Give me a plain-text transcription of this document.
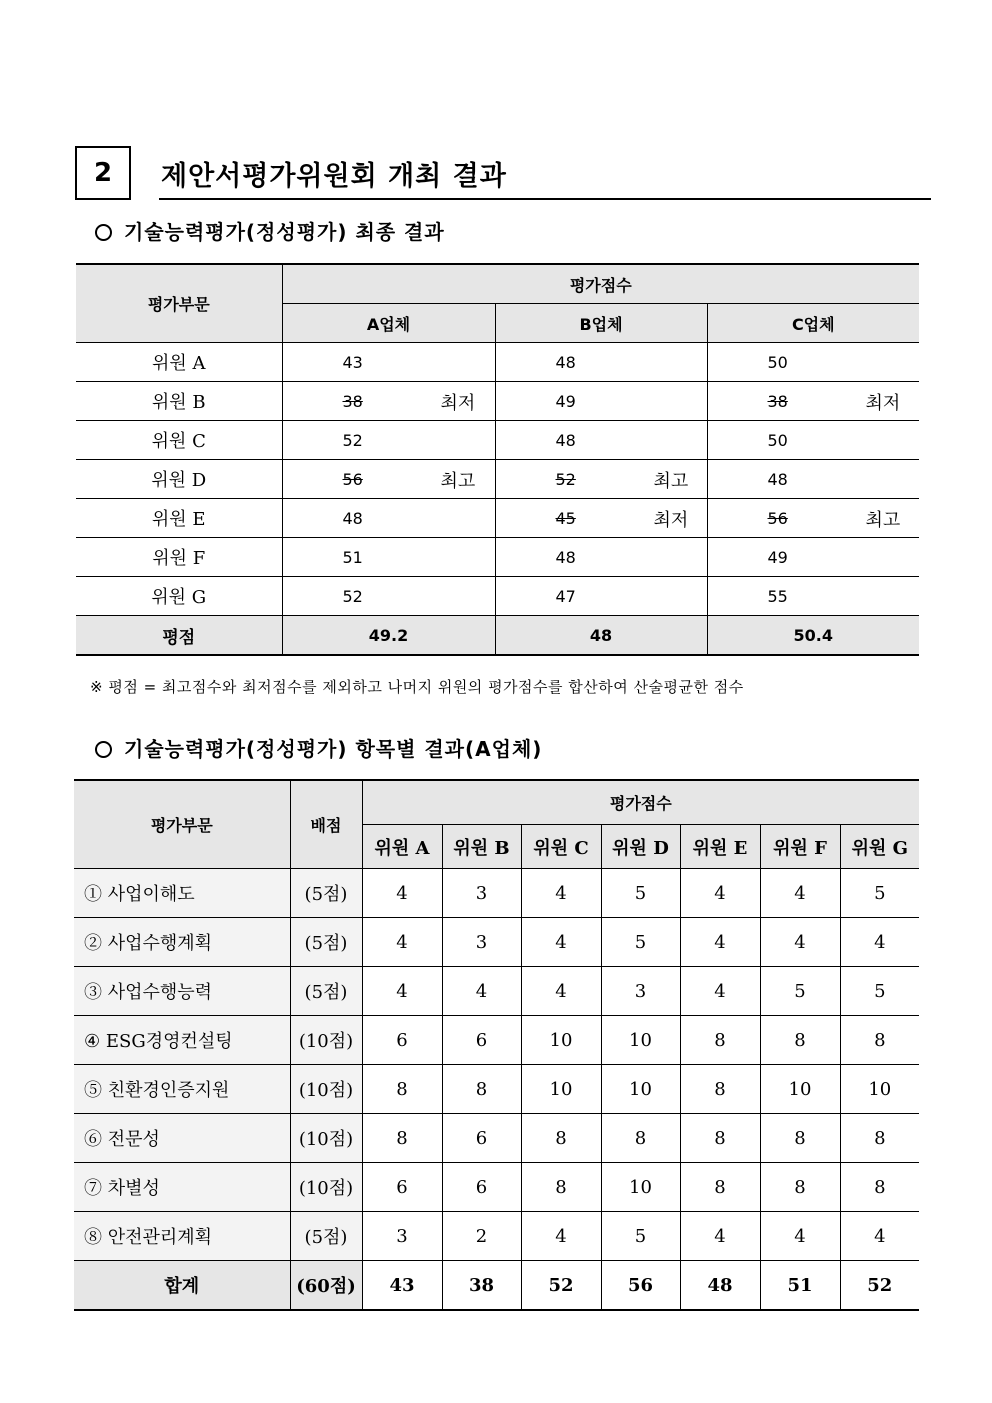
2	제안서평가위원회 개최 결과
기술능력평가(정성평가) 최종 결과
평가부문	평가점수		
	A업체	B업체	C업체
위원 A	43	48	50
위원 B	38 최저	49	38 최저

위원 C	52	48	50
위원 D	56 최고	52 최고	48
위원 E	48	45 최저	56 최고

위원 F	51	48	49
위원 G	52	47	55
평점	49.2	48	50.4
※ 평점 = 최고점수와 최저점수를 제외하고 나머지 위원의 평가점수를 합산하여 산술평균한 점수
기술능력평가(정성평가) 항목별 결과(A업체)
평가부문	배점	평가점수						
		위원 A	위원 B	위원 C	위원 D	위원 E	위원 F	위원 G
① 사업이해도	(5점)	4	3	4	5	4	4	5
② 사업수행계획	(5점)	4	3	4	5	4	4	4
③ 사업수행능력	(5점)	4	4	4	3	4	5	5
④ ESG경영컨설팅	(10점)	6	6	10	10	8	8	8
⑤ 친환경인증지원	(10점)	8	8	10	10	8	10	10
⑥ 전문성	(10점)	8	6	8	8	8	8	8
⑦ 차별성	(10점)	6	6	8	10	8	8	8
⑧ 안전관리계획	(5점)	3	2	4	5	4	4	4
합계	(60점)	43	38	52	56	48	51	52
